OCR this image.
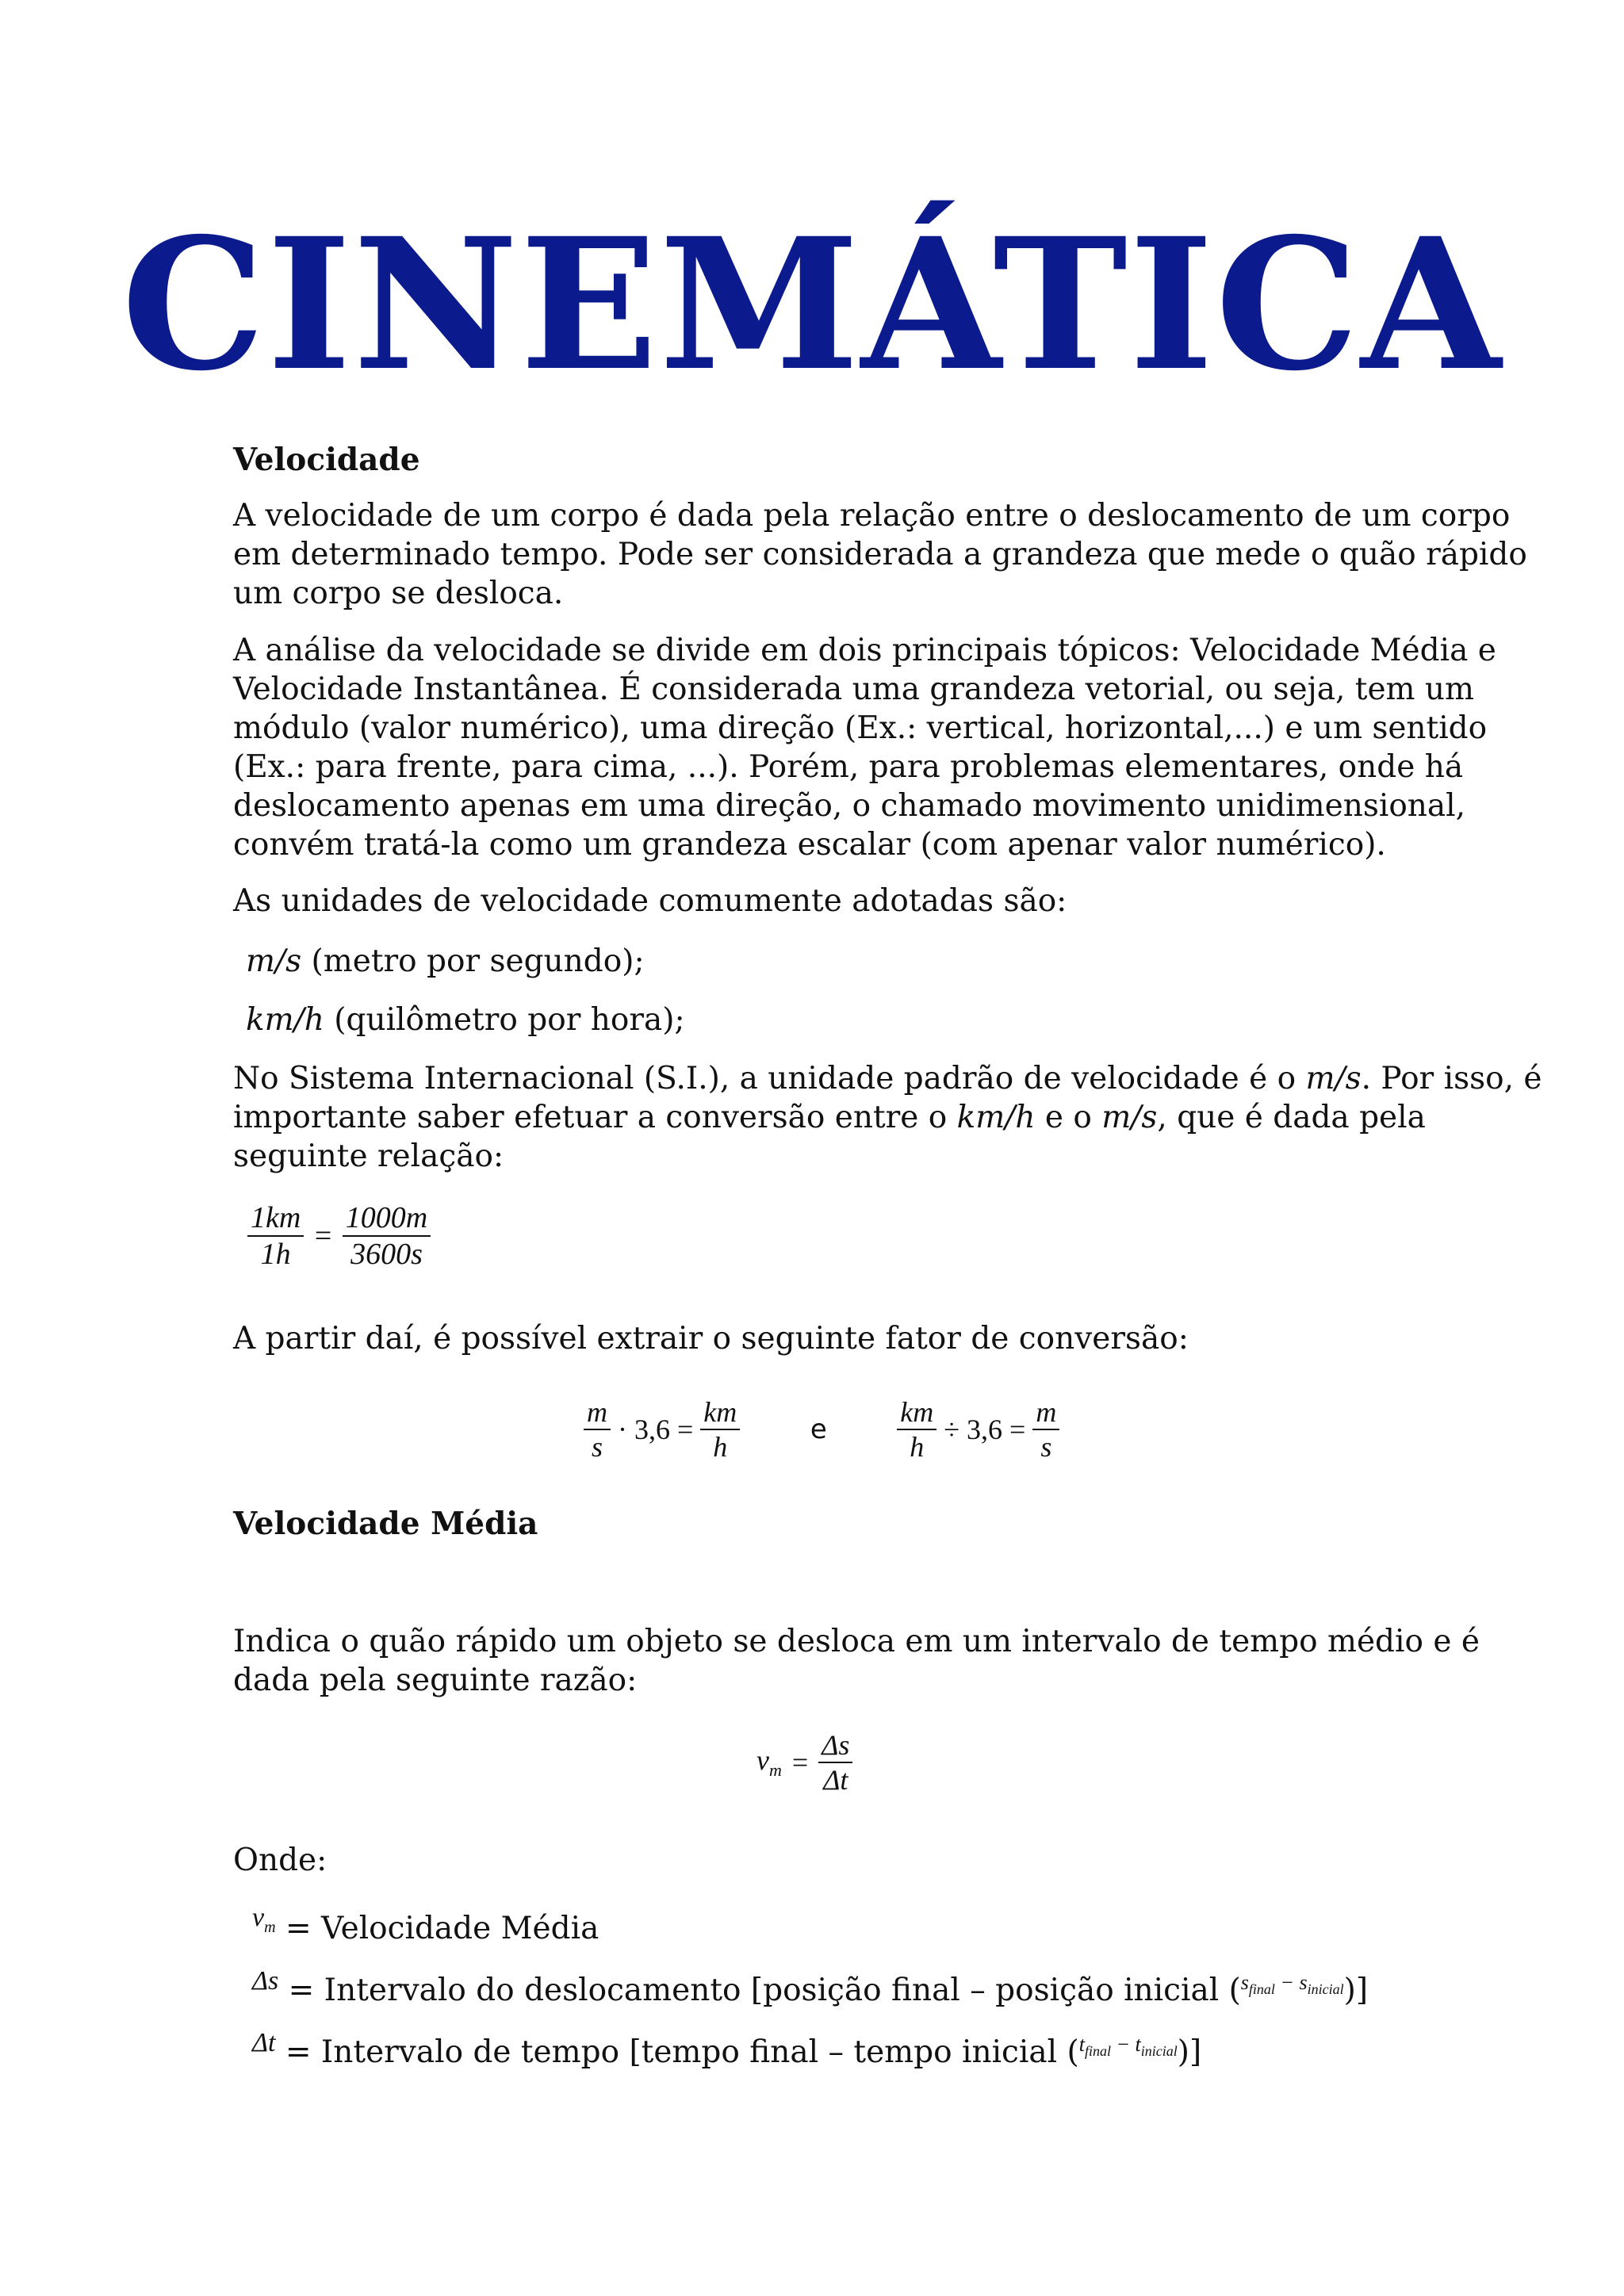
CINEMÁTICA

Velocidade

A velocidade de um corpo é dada pela relação entre o deslocamento de um corpo
em determinado tempo. Pode ser considerada a grandeza que mede o quão rápido
um corpo se desloca.
A análise da velocidade se divide em dois principais tópicos: Velocidade Média e
Velocidade Instantânea. É considerada uma grandeza vetorial, ou seja, tem um
módulo (valor numérico), uma direção (Ex.: vertical, horizontal,...) e um sentido
(Ex.: para frente, para cima, ...). Porém, para problemas elementares, onde há
deslocamento apenas em uma direção, o chamado movimento unidimensional,
convém tratá-la como um grandeza escalar (com apenar valor numérico).

As unidades de velocidade comumente adotadas são:

m/s (metro por segundo);

km/h (quilômetro por hora);

No Sistema Internacional (S.I.), a unidade padrão de velocidade é o m/s. Por isso, é
importante saber efetuar a conversão entre o km/h e o m/s, que é dada pela
seguinte relação:
$\frac{1km}{1h} = \frac{1000m}{3600s}$

A partir daí, é possível extrair o seguinte fator de conversão:

$\frac{m}{s} \cdot 3,6 = \frac{km}{h}$	e $\frac{km}{h} \div 3,6 = \frac{m}{s}$

Velocidade Média

Indica o quão rápido um objeto se desloca em um intervalo de tempo médio e é
dada pela seguinte razão:
$v_m = \frac{\Delta s}{\Delta t}$

Onde:

$v_m$ = Velocidade Média
Δs = Intervalo do deslocamento [posição final – posição inicial ($^{s_{final} - s_{inicial}}$)]
Δt = Intervalo de tempo [tempo final – tempo inicial ($^{t_{final} - t_{inicial}}$)]
